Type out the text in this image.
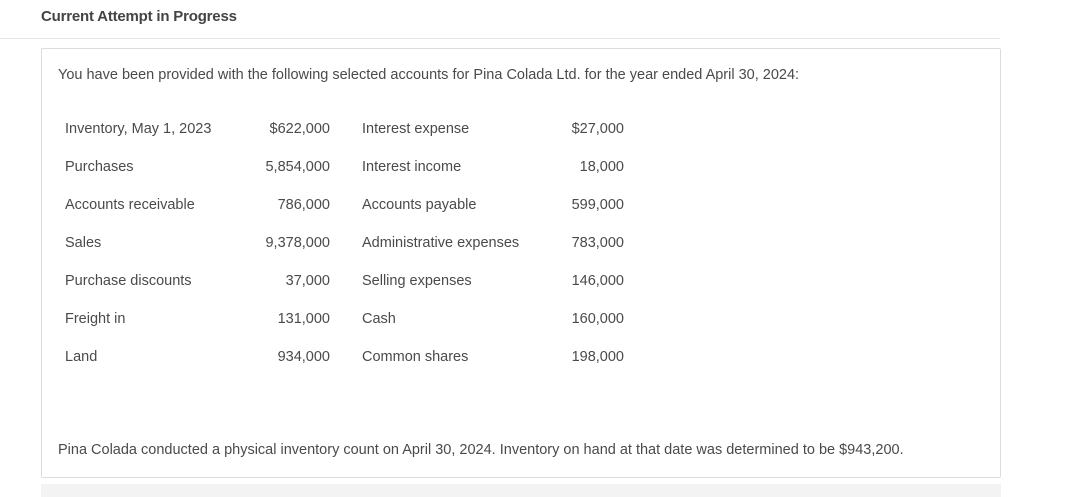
Current Attempt in Progress
You have been provided with the following selected accounts for Pina Colada Ltd. for the year ended April 30, 2024:
Inventory, May 1, 2023	$622,000 Interest expense	$27,000
Purchases	5,854,000 Interest income	18,000
Accounts receivable	786,000 Accounts payable	599,000
Sales	9,378,000 Administrative expenses	783,000
Purchase discounts	37,000 Selling expenses	146,000
Freight in	131,000 Cash	160,000
Land	934,000 Common shares	198,000
Pina Colada conducted a physical inventory count on April 30, 2024. Inventory on hand at that date was determined to be $943,200.
